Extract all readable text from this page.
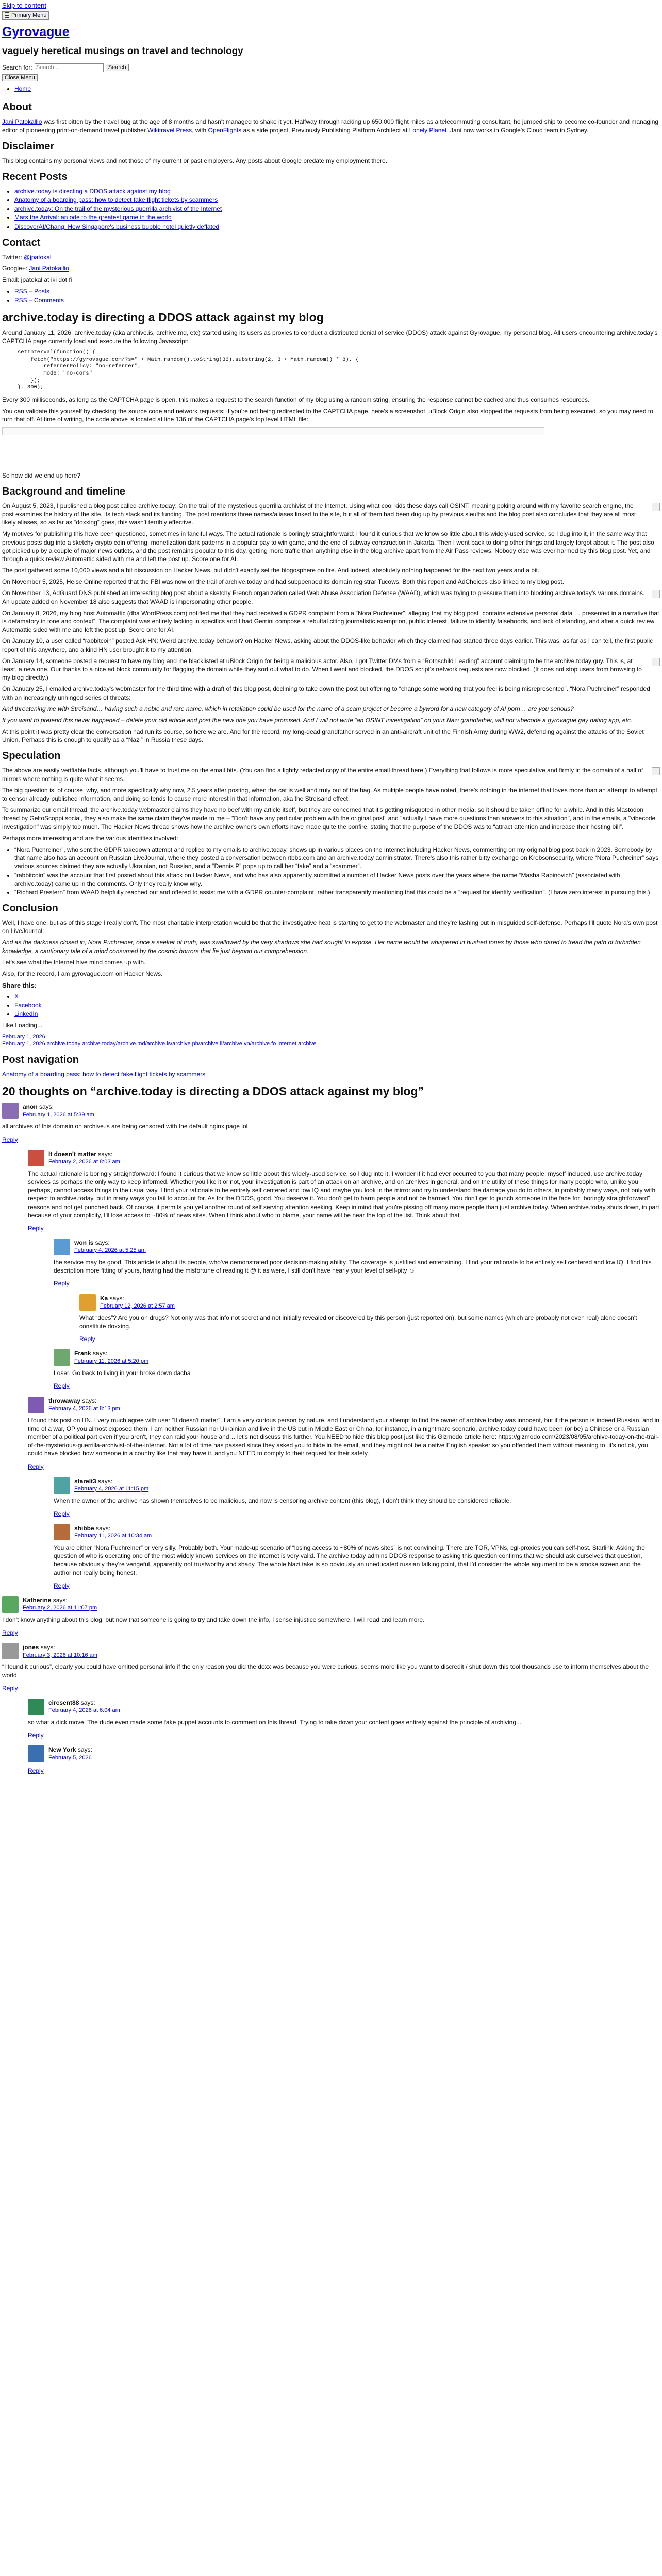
Skip to content
Primary Menu
Gyrovague
vaguely heretical musings on travel and technology
Search for:
Search …	Search
Close Menu
• Home
About

Jani Patokallio was first bitten by the travel bug at the age of 8 months and hasn't managed to shake it yet. Halfway through racking up 650,000 flight miles as a telecommuting consultant, he jumped ship to become co-founder and managing editor of pioneering print-on-demand travel publisher Wikitravel Press, with OpenFlights as a side project. Previously Publishing Platform Architect at Lonely Planet, Jani now works in Google's Cloud team in Sydney.

Disclaimer

This blog contains my personal views and not those of my current or past employers. Any posts about Google predate my employment there.

Recent Posts
• archive.today is directing a DDOS attack against my blog
• Anatomy of a boarding pass: how to detect fake flight tickets by scammers
• archive.today: On the trail of the mysterious guerrilla archivist of the Internet
• Mars the Arrival: an ode to the greatest game in the world
• DiscoverAI/Chang: How Singapore's business bubble hotel quietly deflated
Contact

Twitter: @jpatokal

Google+: Jani Patokallio

Email: jpatokal at iki dot fi

• RSS – Posts
• RSS – Comments
archive.today is directing a DDOS attack against my blog

Around January 11, 2026, archive.today (aka archive.is, archive.md, etc) started using its users as proxies to conduct a distributed denial of service (DDOS) attack against Gyrovague, my personal blog. All users encountering archive.today's CAPTCHA page currently load and execute the following Javascript:

setInterval(function() {
fetch("https://gyrovague.com/?s=" + Math.random().toString(36).substring(2, 3 + Math.random() * 8), {
referrerPolicy: "no-referrer",
mode: "no-cors"
});
}, 300);

Every 300 milliseconds, as long as the CAPTCHA page is open, this makes a request to the search function of my blog using a random string, ensuring the response cannot be cached and thus consumes resources.

You can validate this yourself by checking the source code and network requests; if you're not being redirected to the CAPTCHA page, here's a screenshot. uBlock Origin also stopped the requests from being executed, so you may need to turn that off. At time of writing, the code above is located at line 136 of the CAPTCHA page's top level HTML file:

So how did we end up here?

Background and timeline

On August 5, 2023, I published a blog post called archive.today: On the trail of the mysterious guerrilla archivist of the Internet. Using what cool kids these days call OSINT, meaning poking around with my favorite search engine, the post examines the history of the site, its tech stack and its funding. The post mentions three names/aliases linked to the site, but all of them had been dug up by previous sleuths and the blog post also concludes that they are all most likely aliases, so as far as “doxxing” goes, this wasn't terribly effective.

My motives for publishing this have been questioned, sometimes in fanciful ways. The actual rationale is boringly straightforward: I found it curious that we know so little about this widely-used service, so I dug into it, in the same way that previous posts dug into a sketchy crypto coin offering, monetization dark patterns in a popular pay to win game, and the end of subway construction in Jakarta. Then I went back to doing other things and largely forgot about it. The post also got picked up by a couple of major news outlets, and the post remains popular to this day, getting more traffic than anything else in the blog archive apart from the Air Pass reviews. Nobody else was ever harmed by this blog post. Yet, and through a quick review Automattic sided with me and left the post up. Score one for AI.

The post gathered some 10,000 views and a bit discussion on Hacker News, but didn't exactly set the blogosphere on fire. And indeed, absolutely nothing happened for the next two years and a bit.

On November 5, 2025, Heise Online reported that the FBI was now on the trail of archive.today and had subpoenaed its domain registrar Tucows. Both this report and AdChoices also linked to my blog post.

On November 13, AdGuard DNS published an interesting blog post about a sketchy French organization called Web Abuse Association Defense (WAAD), which was trying to pressure them into blocking archive.today's various domains. An update added on November 18 also suggests that WAAD is impersonating other people.

On January 8, 2026, my blog host Automattic (dba WordPress.com) notified me that they had received a GDPR complaint from a “Nora Puchreiner”, alleging that my blog post “contains extensive personal data … presented in a narrative that is defamatory in tone and context”. The complaint was entirely lacking in specifics and I had Gemini compose a rebuttal citing journalistic exemption, public interest, failure to identify falsehoods, and lack of standing, and after a quick review Automattic sided with me and left the post up. Score one for AI.

On January 10, a user called “rabbitcoin” posted Ask HN: Weird archive.today behavior? on Hacker News, asking about the DDOS-like behavior which they claimed had started three days earlier. This was, as far as I can tell, the first public report of this anywhere, and a kind HN user brought it to my attention.

On January 14, someone posted a request to have my blog and me blacklisted at uBlock Origin for being a malicious actor. Also, I got Twitter DMs from a “Rothschild Leading” account claiming to be the archive.today guy. This is, at least, a new one. Our thanks to a nice ad block community for flagging the domain while they sort out what to do. When I went and blocked, the DDOS script's network requests are now blocked. (It does not stop users from browsing to my blog directly.)

On January 25, I emailed archive.today's webmaster for the third time with a draft of this blog post, declining to take down the post but offering to “change some wording that you feel is being misrepresented”. “Nora Puchreiner” responded with an increasingly unhinged series of threats:

And threatening me with Streisand… having such a noble and rare name, which in retaliation could be used for the name of a scam project or become a byword for a new category of AI porn… are you serious?

If you want to pretend this never happened – delete your old article and post the new one you have promised. And I will not write “an OSINT investigation” on your Nazi grandfather, will not vibecode a gyrovague.gay dating app, etc.

At this point it was pretty clear the conversation had run its course, so here we are. And for the record, my long-dead grandfather served in an anti-aircraft unit of the Finnish Army during WW2, defending against the attacks of the Soviet Union. Perhaps this is enough to qualify as a “Nazi” in Russia these days.

Speculation

The above are easily verifiable facts, although you'll have to trust me on the email bits. (You can find a lightly redacted copy of the entire email thread here.) Everything that follows is more speculative and firmly in the domain of a hall of mirrors where nothing is quite what it seems.

The big question is, of course, why, and more specifically why now, 2.5 years after posting, when the cat is well and truly out of the bag. As multiple people have noted, there's nothing in the internet that loves more than an attempt to attempt to censor already published information, and doing so tends to cause more interest in that information, aka the Streisand effect.

To summarize our email thread, the archive.today webmaster claims they have no beef with my article itself, but they are concerned that it's getting misquoted in other media, so it should be taken offline for a while. And in this Mastodon thread by GeltoScoppi.social, they also make the same claim they've made to me – "Don't have any particular problem with the original post" and "actually I have more questions than answers to this situation", and in the emails, a "vibecode investigation" was simply too much. The Hacker News thread shows how the archive owner's own efforts have made quite the bonfire, stating that the purpose of the DDOS was to “attract attention and increase their hosting bill”.

Perhaps more interesting and are the various identities involved:

• “Nora Puchreiner”, who sent the GDPR takedown attempt and replied to my emails to archive.today, shows up in various places on the Internet including Hacker News, commenting on my original blog post back in 2023. Somebody by that name also has an account on Russian LiveJournal, where they posted a conversation between rtbbs.com and an archive.today administrator. There's also this rather bitty exchange on Krebsonsecurity, where “Nora Puchreiner” says various sources claimed they are actually Ukrainian, not Russian, and a “Dennis P” pops up to call her “fake” and a “scammer”.
• “rabbitcoin” was the account that first posted about this attack on Hacker News, and who has also apparently submitted a number of Hacker News posts over the years where the name “Masha Rabinovich” (associated with archive.today) came up in the comments. Only they really know why.
• “Richard Prestern” from WAAD helpfully reached out and offered to assist me with a GDPR counter-complaint, rather transparently mentioning that this could be a “request for identity verification”. (I have zero interest in pursuing this.)
Conclusion

Well, I have one, but as of this stage I really don't. The most charitable interpretation would be that the investigative heat is starting to get to the webmaster and they're lashing out in misguided self-defense. Perhaps I'll quote Nora's own post on LiveJournal:

And as the darkness closed in, Nora Puchreiner, once a seeker of truth, was swallowed by the very shadows she had sought to expose. Her name would be whispered in hushed tones by those who dared to tread the path of forbidden knowledge, a cautionary tale of a mind consumed by the cosmic horrors that lie just beyond our comprehension.

Let's see what the Internet hive mind comes up with.

Also, for the record, I am gyrovague.com on Hacker News.

Share this:
• X
• Facebook
• LinkedIn

Like Loading...

February 1, 2026
February 1, 2026 archive.today archive.today/archive.md/archive.is/archive.ph/archive.li/archive.vn/archive.fo internet archive

Post navigation

Anatomy of a boarding pass: how to detect fake flight tickets by scammers

20 thoughts on “archive.today is directing a DDOS attack against my blog”
anon says:
February 1, 2026 at 5:39 am

all archives of this domain on archive.is are being censored with the default nginx page lol

Reply
It doesn't matter says:
February 2, 2026 at 8:03 am

The actual rationale is boringly straightforward: I found it curious that we know so little about this widely-used service, so I dug into it. I wonder if it had ever occurred to you that many people, myself included, use archive.today services as perhaps the only way to keep informed. Whether you like it or not, your investigation is part of an attack on an archive, and on archives in general, and on the utility of these things for many people who, unlike you perhaps, cannot access things in the usual way. I find your rationale to be entirely self centered and low IQ and maybe you look in the mirror and try to understand the damage you do to others, in probably many ways, not only with respect to archive.today, but in many ways you fail to account for. As for the DDOS, good. You deserve it. You don't get to harm people and not be harmed. You don't get to punch someone in the face for “boringly straightforward” reasons and not get punched back. Of course, it permits you yet another round of self serving attention seeking. Keep in mind that you're pissing off many more people than just archive.today. When archive.today shuts down, in part because of your complicity, I'll lose access to ~80% of news sites. When I think about who to blame, your name will be near the top of the list. Think about that.

Reply
won is says:
February 4, 2026 at 5:25 am

the service may be good. This article is about its people, who've demonstrated poor decision-making ability. The coverage is justified and entertaining. I find your rationale to be entirely self centered and low IQ. I find this description more fitting of yours, having had the misfortune of reading it @ it as were, I still don't have nearly your level of self-pity ☺

Reply
Ka says:
February 12, 2026 at 2:57 am

What “does”? Are you on drugs? Not only was that info not secret and not initially revealed or discovered by this person (just reported on), but some names (which are probably not even real) alone doesn't constitute doxxing.

Reply
Frank says:
February 11, 2026 at 5:20 pm

Loser. Go back to living in your broke down dacha

Reply
throwaway says:
February 4, 2026 at 8:13 pm

I found this post on HN. I very much agree with user “It doesn't matter”. I am a very curious person by nature, and I understand your attempt to find the owner of archive.today was innocent, but if the person is indeed Russian, and in time of a war, OP you almost exposed them. I am neither Russian nor Ukrainian and live in the US but in Middle East or China, for instance, in a nightmare scenario, archive.today could have been (or be) a Chinese or a Russian member of a political part even if you aren't, they can raid your house and… let's not discuss this further. You NEED to hide this blog post just like this Gizmodo article here: https://gizmodo.com/2023/08/05/archive-today-on-the-trail-of-the-mysterious-guerrilla-archivist-of-the-internet. Not a lot of time has passed since they asked you to hide in the email, and they might not be a native English speaker so you offended them without meaning to, it's not ok, you could have blocked how someone in a country like that may have it, and you NEED to comply to their request for their safety.

Reply
starelt3 says:
February 4, 2026 at 11:15 pm

When the owner of the archive has shown themselves to be malicious, and now is censoring archive content (this blog), I don't think they should be considered reliable.

Reply
shibbe says:
February 11, 2026 at 10:34 am

You are either “Nora Puchreiner” or very silly. Probably both. Your made-up scenario of “losing access to ~80% of news sites” is not convincing. There are TOR, VPNs, cgi-proxies you can self-host. Starlink. Asking the question of who is operating one of the most widely known services on the internet is very valid. The archive today admins DDOS response to asking this question confirms that we should ask ourselves that question, because obviously they're vengeful, apparently not trustworthy and shady. The whole Nazi take is so obviously an uneducated russian talking point, that I'd consider the whole argument to be a smoke screen and the author not really being honest.

Reply
Katherine says:
February 2, 2026 at 11:07 pm

I don't know anything about this blog, but now that someone is going to try and take down the info, I sense injustice somewhere. I will read and learn more.

Reply
jones says:
February 3, 2026 at 10:16 am

“I found it curious”, clearly you could have omitted personal info if the only reason you did the doxx was because you were curious. seems more like you want to discredit / shut down this tool thousands use to inform themselves about the world

Reply
circsent88 says:
February 4, 2026 at 6:04 am

so what a dick move. The dude even made some fake puppet accounts to comment on this thread. Trying to take down your content goes entirely against the principle of archiving...

Reply
New York says:
February 5, 2026

Reply
